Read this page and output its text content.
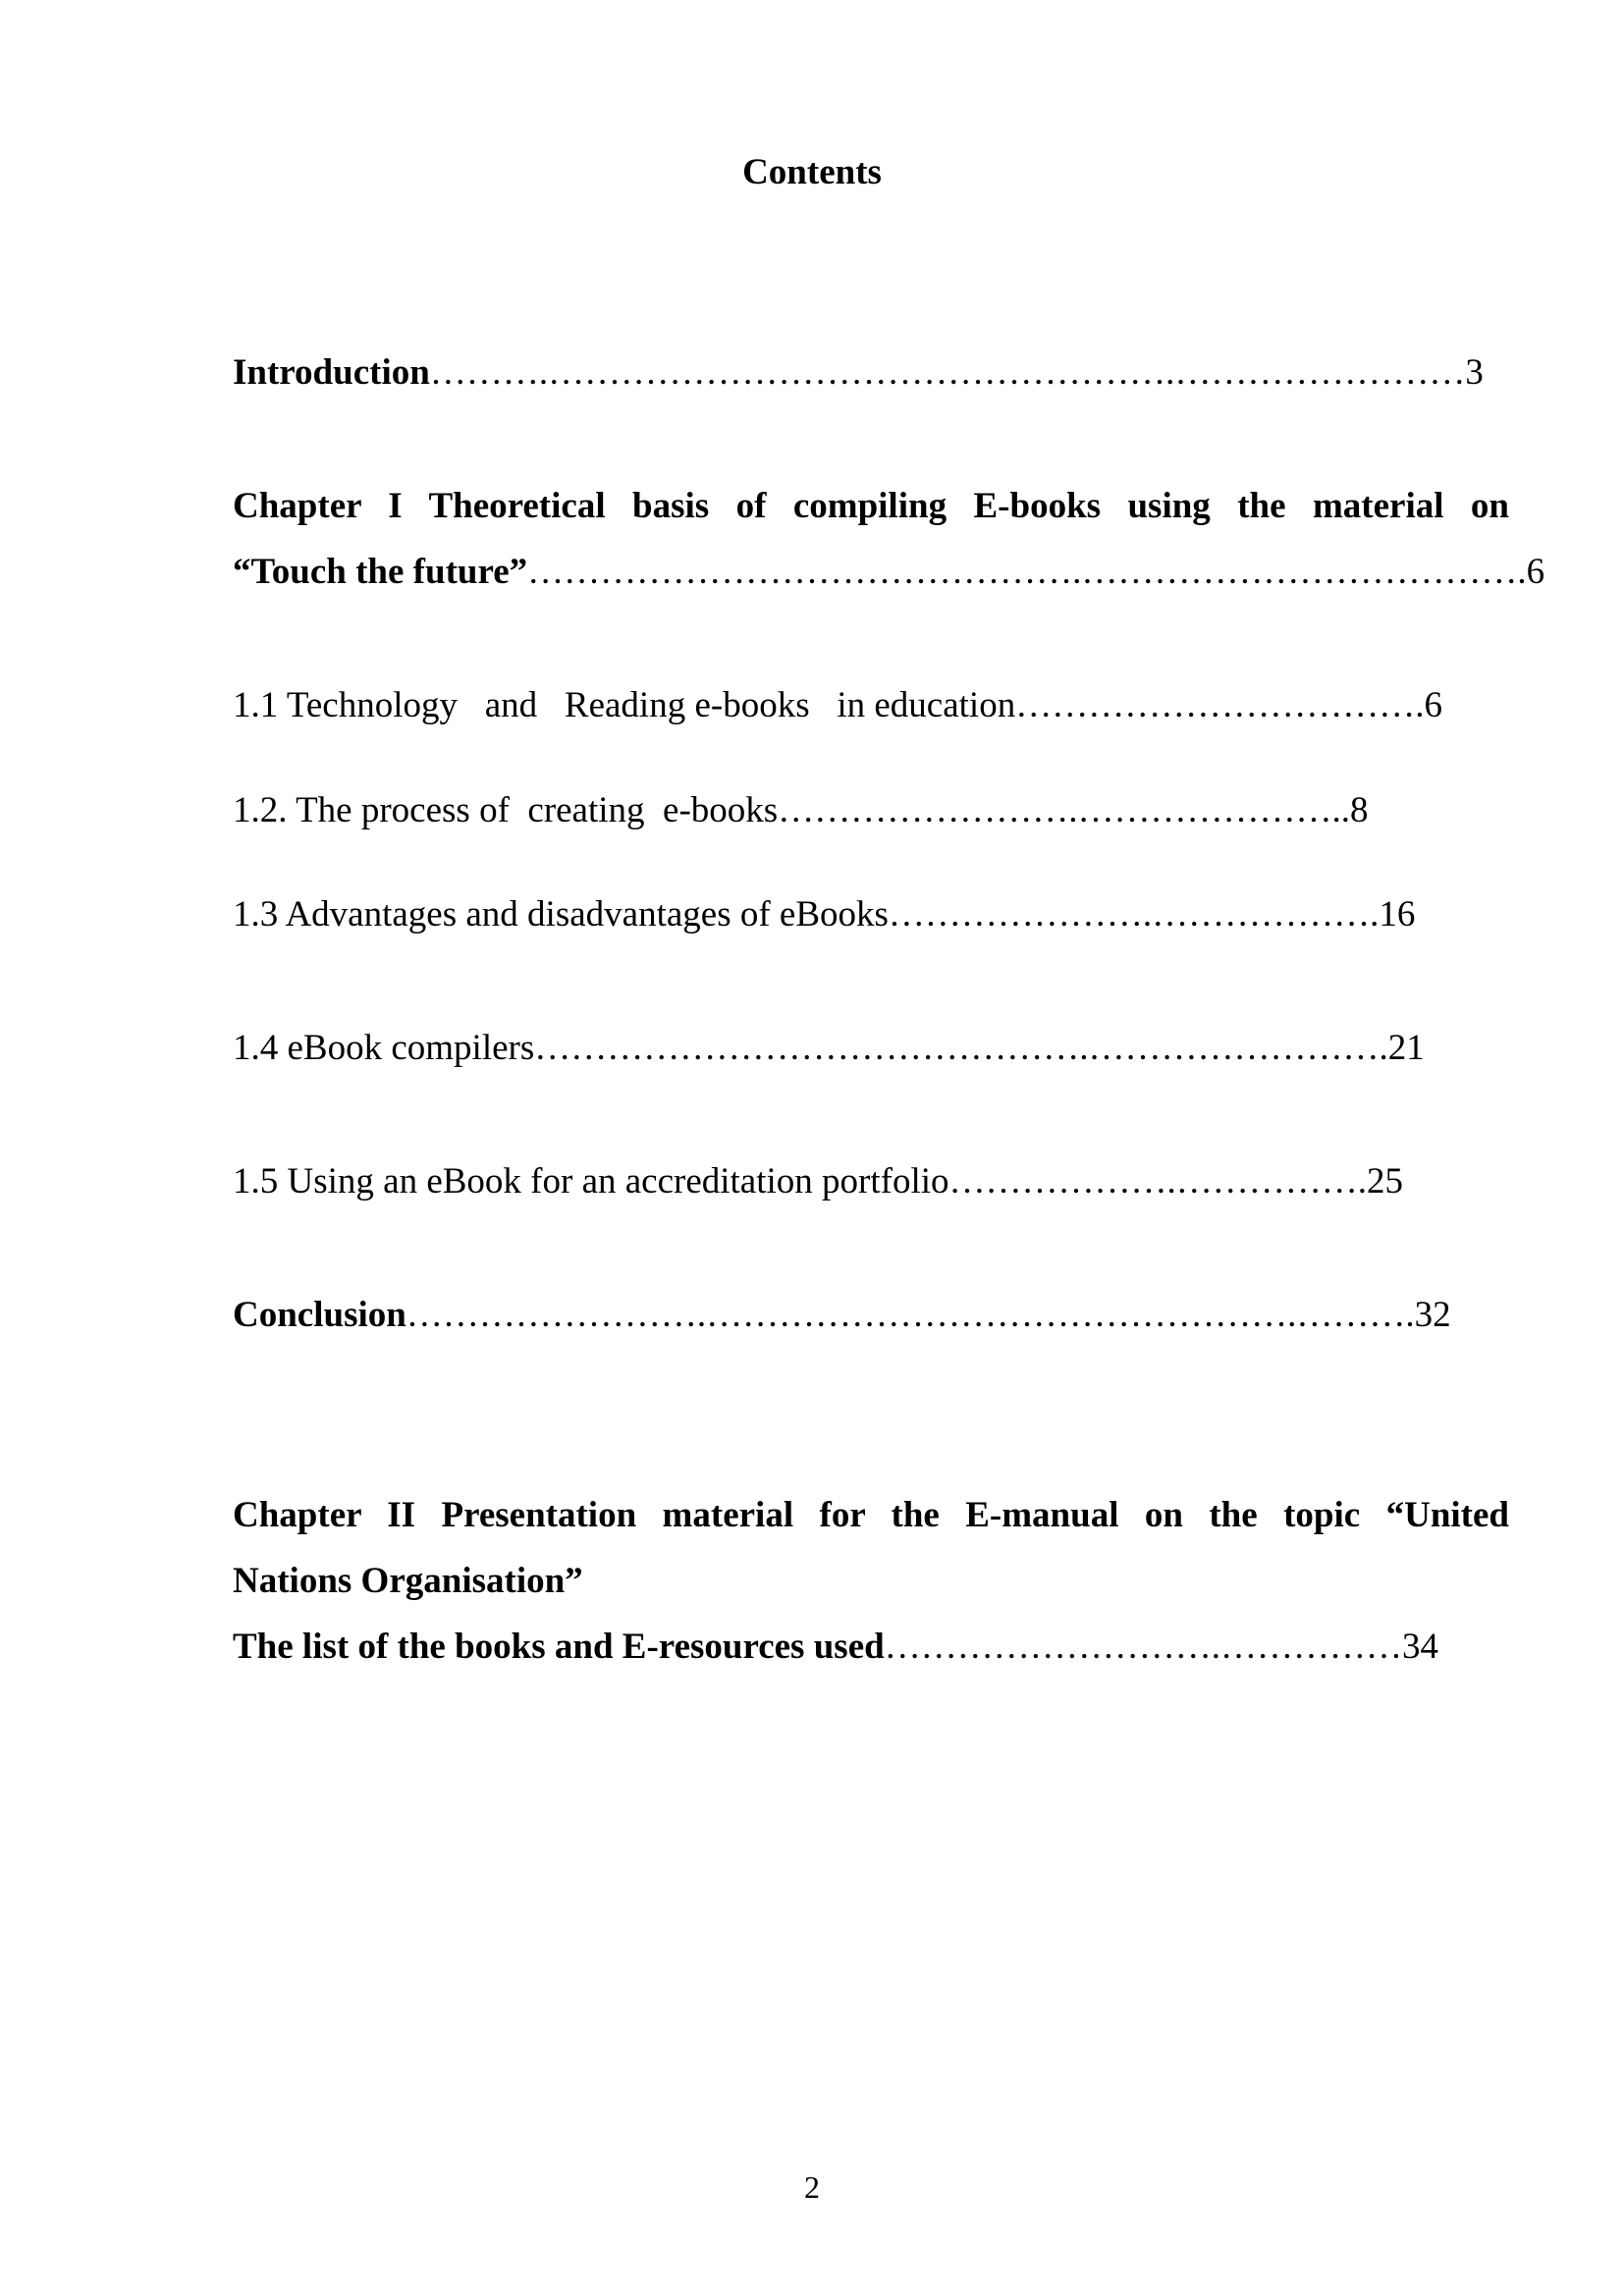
Contents

Introduction……….…………………………………………….……………………3

Chapter I Theoretical basis of compiling E-books using the material on

“Touch the future”……………………………………….……………………………….6

1.1 Technology   and   Reading e-books   in education…………………………….6

1.2. The process of  creating  e-books…………………….…………………..8

1.3 Advantages and disadvantages of eBooks………………….……………….16

1.4 eBook compilers……………………………………….…………………….21

1.5 Using an eBook for an accreditation portfolio……………….…………….25

Conclusion…………………….………………………………………….……….32

Chapter II Presentation material for the E-manual on the topic “United

Nations Organisation”

The list of the books and E-resources used……………………….……………34

2
